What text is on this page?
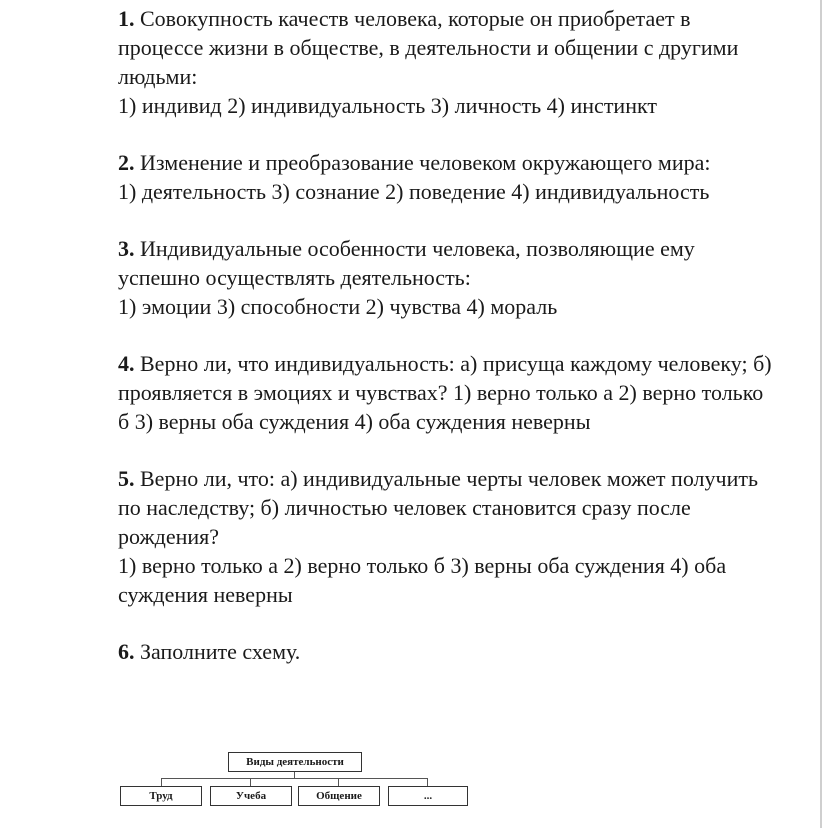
1. Совокупность качеств человека, которые он приобретает в процессе жизни в обществе, в деятельности и общении с другими людьми:

1) индивид 2) индивидуальность 3) личность 4) инстинкт

2. Изменение и преобразование человеком окружающего мира:

1) деятельность 3) сознание 2) поведение 4) индивидуальность

3. Индивидуальные особенности человека, позволяющие ему успешно осуществлять деятельность:

1) эмоции 3) способности 2) чувства 4) мораль

4. Верно ли, что индивидуальность: а) присуща каждому человеку; б) проявляется в эмоциях и чувствах? 1) верно только а 2) верно только б 3) верны оба суждения 4) оба суждения неверны

5. Верно ли, что: а) индивидуальные черты человек может получить по наследству; б) личностью человек становится сразу после рождения?

1) верно только а 2) верно только б 3) верны оба суждения 4) оба суждения неверны

6. Заполните схему.

Виды деятельности
Труд	Учеба	Общение	...
